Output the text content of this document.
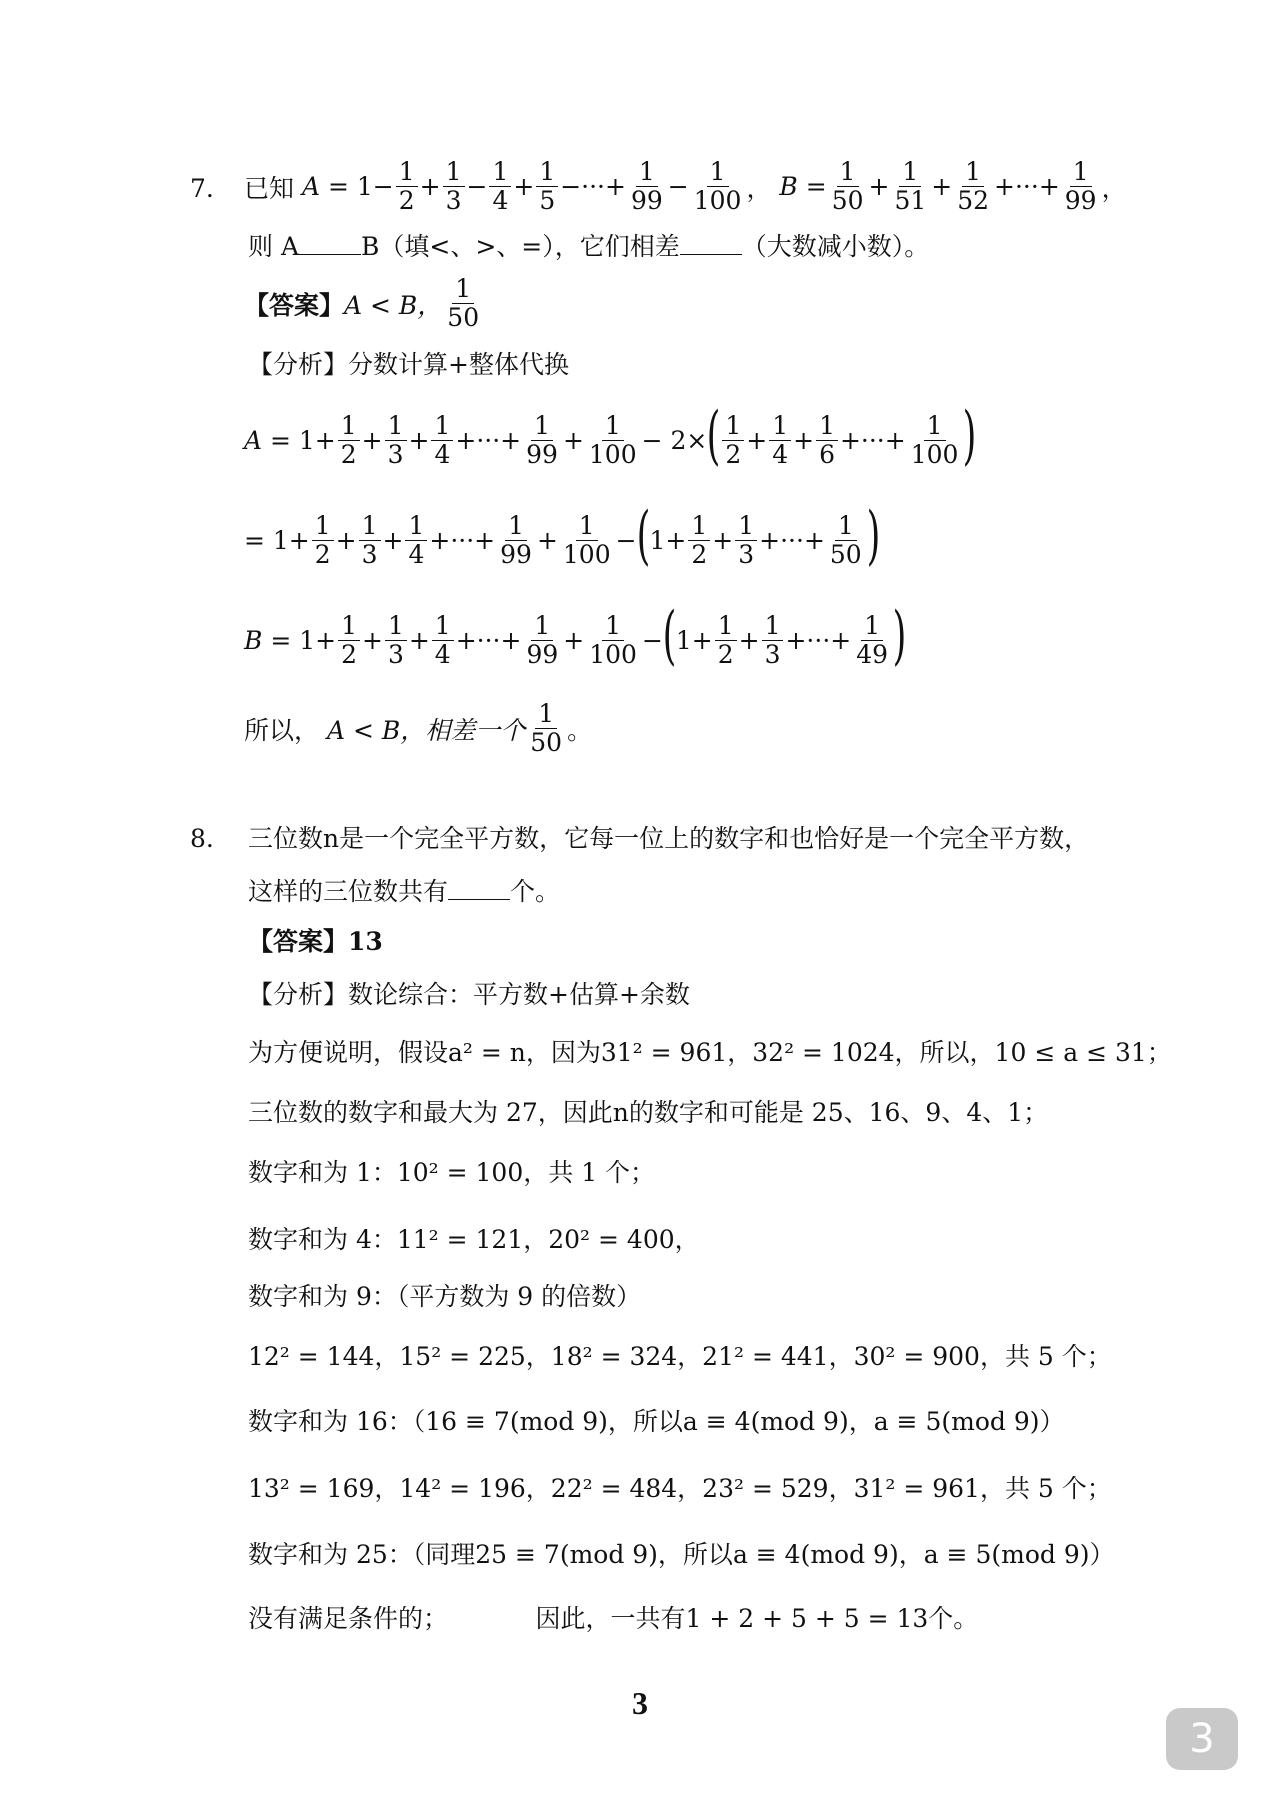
7. 已知 $A = 1- \frac{1}{2} + \frac{1}{3} - \frac{1}{4} + \frac{1}{5}$ −···+ $\frac{1}{99} - \frac{1}{100}$ ， $B = \frac{1}{50} + \frac{1}{51} + \frac{1}{52}$ +···+ $\frac{1}{99}$ ，
则 A B（填<、>、=），它们相差 （大数减小数）。
【答案】 A < B， $\frac{1}{50}$
【分析】分数计算+整体代换
$A = 1+ \frac{1}{2} + \frac{1}{3} + \frac{1}{4}$ +···+ $\frac{1}{99} + \frac{1}{100} - 2\times$ ( $\frac{1}{2} + \frac{1}{4} + \frac{1}{6}$ +···+ $\frac{1}{100}$ )
= $1+ \frac{1}{2} + \frac{1}{3} + \frac{1}{4}$ +···+ $\frac{1}{99} + \frac{1}{100}$ − ( $1+ \frac{1}{2} + \frac{1}{3}$ +···+ $\frac{1}{50}$ )
$B = 1+ \frac{1}{2} + \frac{1}{3} + \frac{1}{4}$ +···+ $\frac{1}{99} + \frac{1}{100}$ − ( $1+ \frac{1}{2} + \frac{1}{3}$ +···+ $\frac{1}{49}$ )
所以，
A < B，相差一个 $\frac{1}{50}$ 。
8. 三位数n是一个完全平方数，它每一位上的数字和也恰好是一个完全平方数，
这样的三位数共有 个。
【答案】13
【分析】数论综合：平方数+估算+余数
为方便说明，假设a² = n，因为31² = 961，32² = 1024，所以，10 ≤ a ≤ 31；
三位数的数字和最大为 27，因此n的数字和可能是 25、16、9、4、1；
数字和为 1：10² = 100，共 1 个；
数字和为 4：11² = 121，20² = 400，
数字和为 9：（平方数为 9 的倍数）
12² = 144，15² = 225，18² = 324，21² = 441，30² = 900，共 5 个；
数字和为 16：（16 ≡ 7(mod 9)，所以a ≡ 4(mod 9)，a ≡ 5(mod 9)）
13² = 169，14² = 196，22² = 484，23² = 529，31² = 961，共 5 个；
数字和为 25：（同理25 ≡ 7(mod 9)，所以a ≡ 4(mod 9)，a ≡ 5(mod 9)）
没有满足条件的；　　　　因此，一共有1 + 2 + 5 + 5 = 13个。
3
3
